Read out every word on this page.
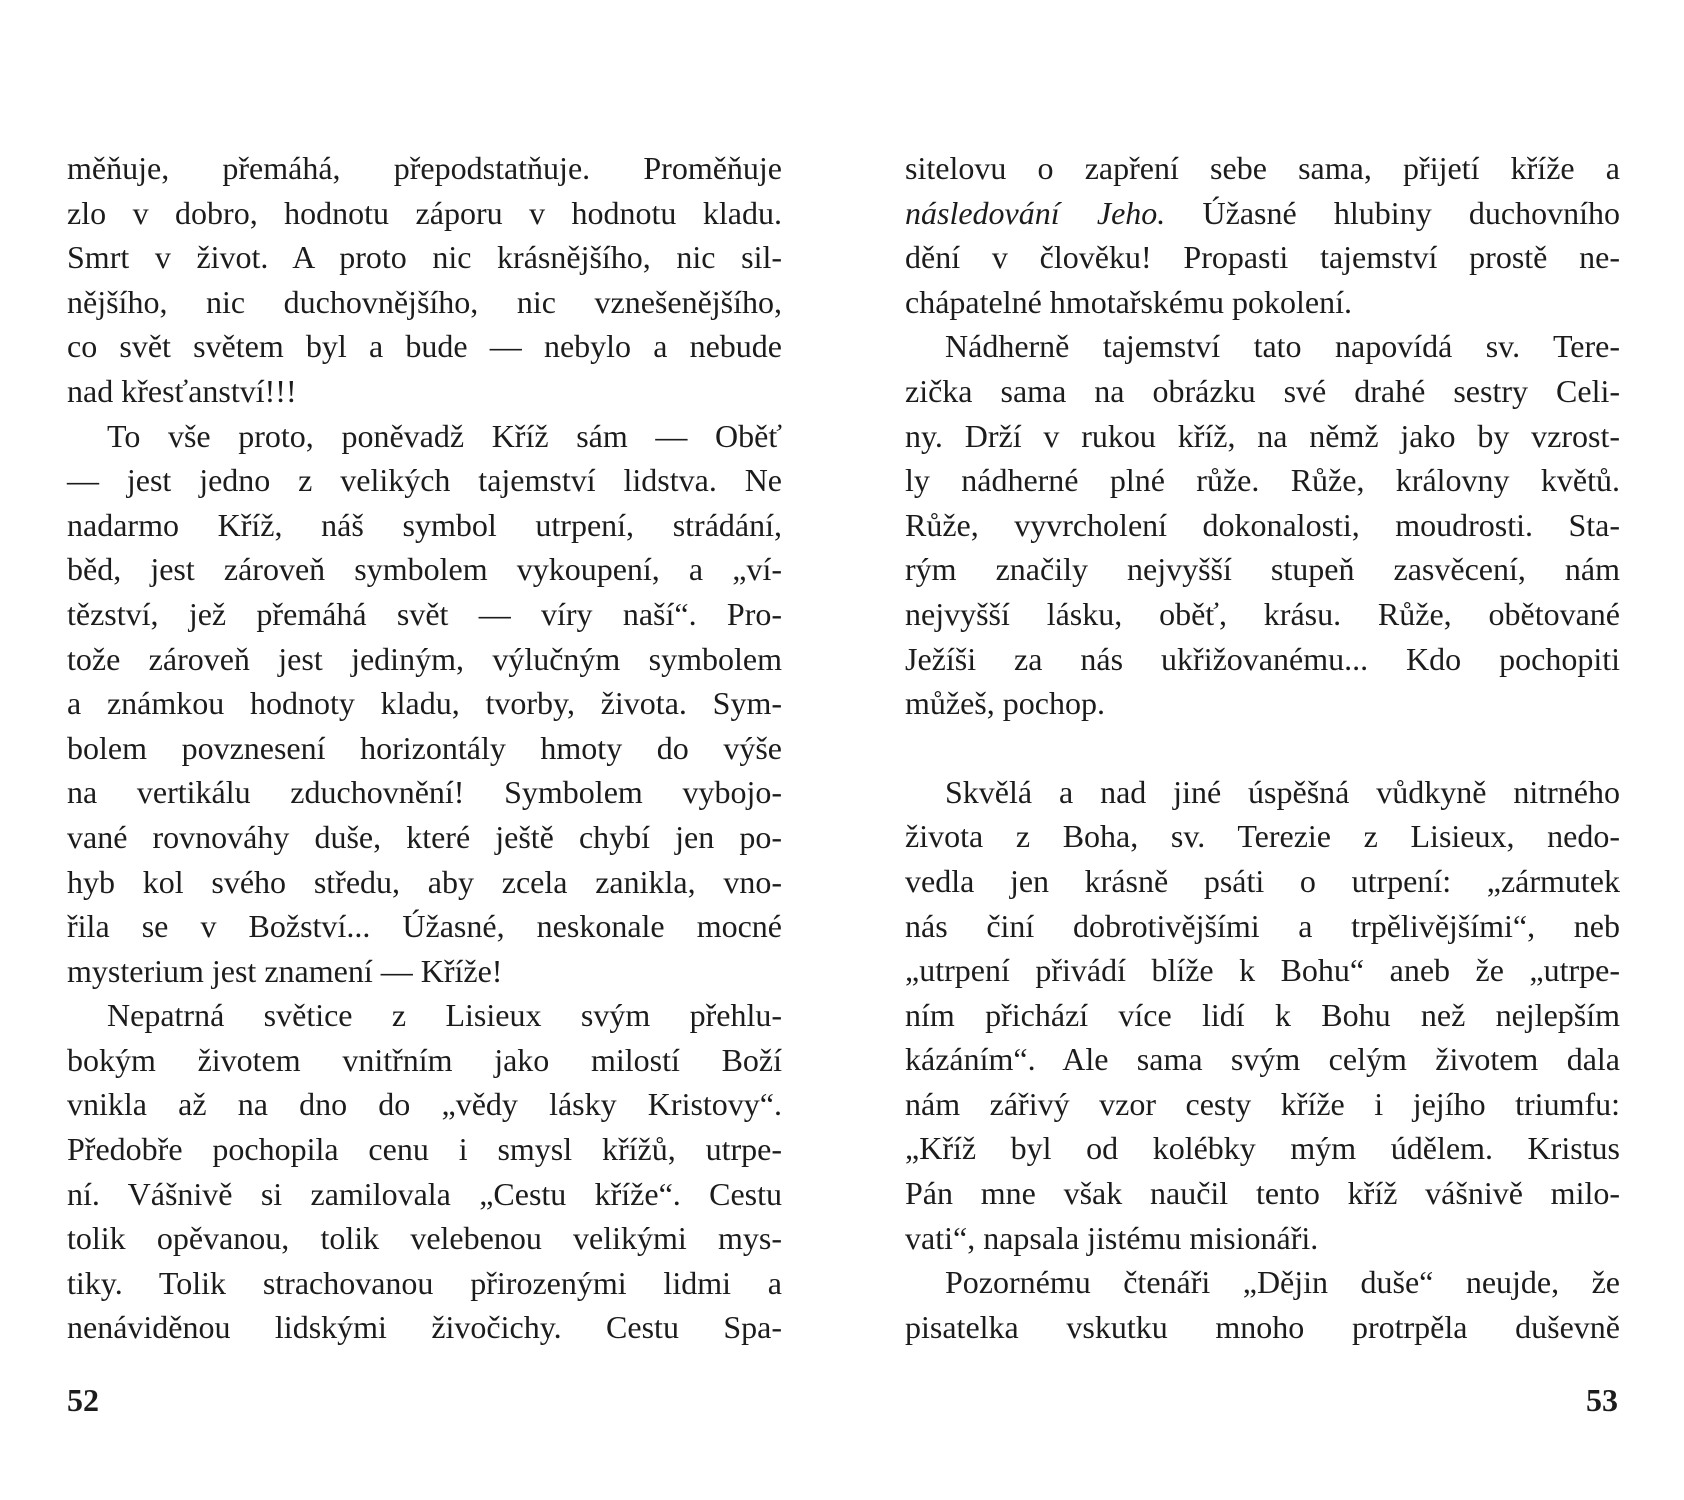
měňuje, přemáhá, přepodstatňuje. Proměňuje
zlo v dobro, hodnotu záporu v hodnotu kladu.
Smrt v život. A proto nic krásnějšího, nic sil-
nějšího, nic duchovnějšího, nic vznešenějšího,
co svět světem byl a bude — nebylo a nebude
nad křesťanství!!!
To vše proto, poněvadž Kříž sám — Oběť
— jest jedno z velikých tajemství lidstva. Ne
nadarmo Kříž, náš symbol utrpení, strádání,
běd, jest zároveň symbolem vykoupení, a „ví-
tězství, jež přemáhá svět — víry naší“. Pro-
tože zároveň jest jediným, výlučným symbolem
a známkou hodnoty kladu, tvorby, života. Sym-
bolem povznesení horizontály hmoty do výše
na vertikálu zduchovnění! Symbolem vybojo-
vané rovnováhy duše, které ještě chybí jen po-
hyb kol svého středu, aby zcela zanikla, vno-
řila se v Božství... Úžasné, neskonale mocné
mysterium jest znamení — Kříže!
Nepatrná světice z Lisieux svým přehlu-
bokým životem vnitřním jako milostí Boží
vnikla až na dno do „vědy lásky Kristovy“.
Předobře pochopila cenu i smysl křížů, utrpe-
ní. Vášnivě si zamilovala „Cestu kříže“. Cestu
tolik opěvanou, tolik velebenou velikými mys-
tiky. Tolik strachovanou přirozenými lidmi a
nenáviděnou lidskými živočichy. Cestu Spa-
52
sitelovu o zapření sebe sama, přijetí kříže a
následování Jeho. Úžasné hlubiny duchovního
dění v člověku! Propasti tajemství prostě ne-
chápatelné hmotařskému pokolení.
Nádherně tajemství tato napovídá sv. Tere-
zička sama na obrázku své drahé sestry Celi-
ny. Drží v rukou kříž, na němž jako by vzrost-
ly nádherné plné růže. Růže, královny květů.
Růže, vyvrcholení dokonalosti, moudrosti. Sta-
rým značily nejvyšší stupeň zasvěcení, nám
nejvyšší lásku, oběť, krásu. Růže, obětované
Ježíši za nás ukřižovanému... Kdo pochopiti
můžeš, pochop.
Skvělá a nad jiné úspěšná vůdkyně nitrného
života z Boha, sv. Terezie z Lisieux, nedo-
vedla jen krásně psáti o utrpení: „zármutek
nás činí dobrotivějšími a trpělivějšími“, neb
„utrpení přivádí blíže k Bohu“ aneb že „utrpe-
ním přichází více lidí k Bohu než nejlepším
kázáním“. Ale sama svým celým životem dala
nám zářivý vzor cesty kříže i jejího triumfu:
„Kříž byl od kolébky mým údělem. Kristus
Pán mne však naučil tento kříž vášnivě milo-
vati“, napsala jistému misionáři.
Pozornému čtenáři „Dějin duše“ neujde, že
pisatelka vskutku mnoho protrpěla duševně
53
